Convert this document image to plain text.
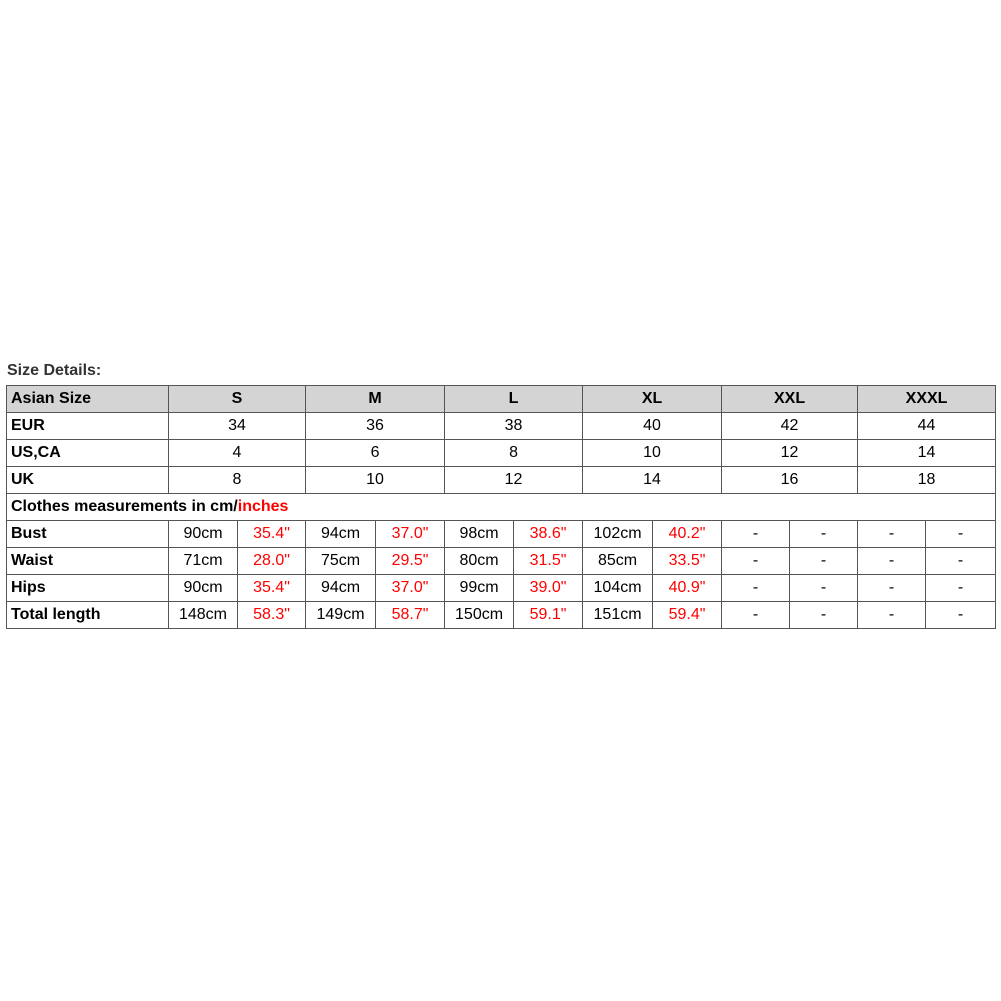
Size Details:
Asian Size	S		M		L		XL		XXL		XXXL	
EUR	34		36		38		40		42		44	
US,CA	4		6		8		10		12		14	
UK	8		10		12		14		16		18	
Clothes measurements in cm/inches												
Bust	90cm	35.4"	94cm	37.0"	98cm	38.6"	102cm	40.2"	-	-	-	-
Waist	71cm	28.0"	75cm	29.5"	80cm	31.5"	85cm	33.5"	-	-	-	-
Hips	90cm	35.4"	94cm	37.0"	99cm	39.0"	104cm	40.9"	-	-	-	-
Total length	148cm	58.3"	149cm	58.7"	150cm	59.1"	151cm	59.4"	-	-	-	-
